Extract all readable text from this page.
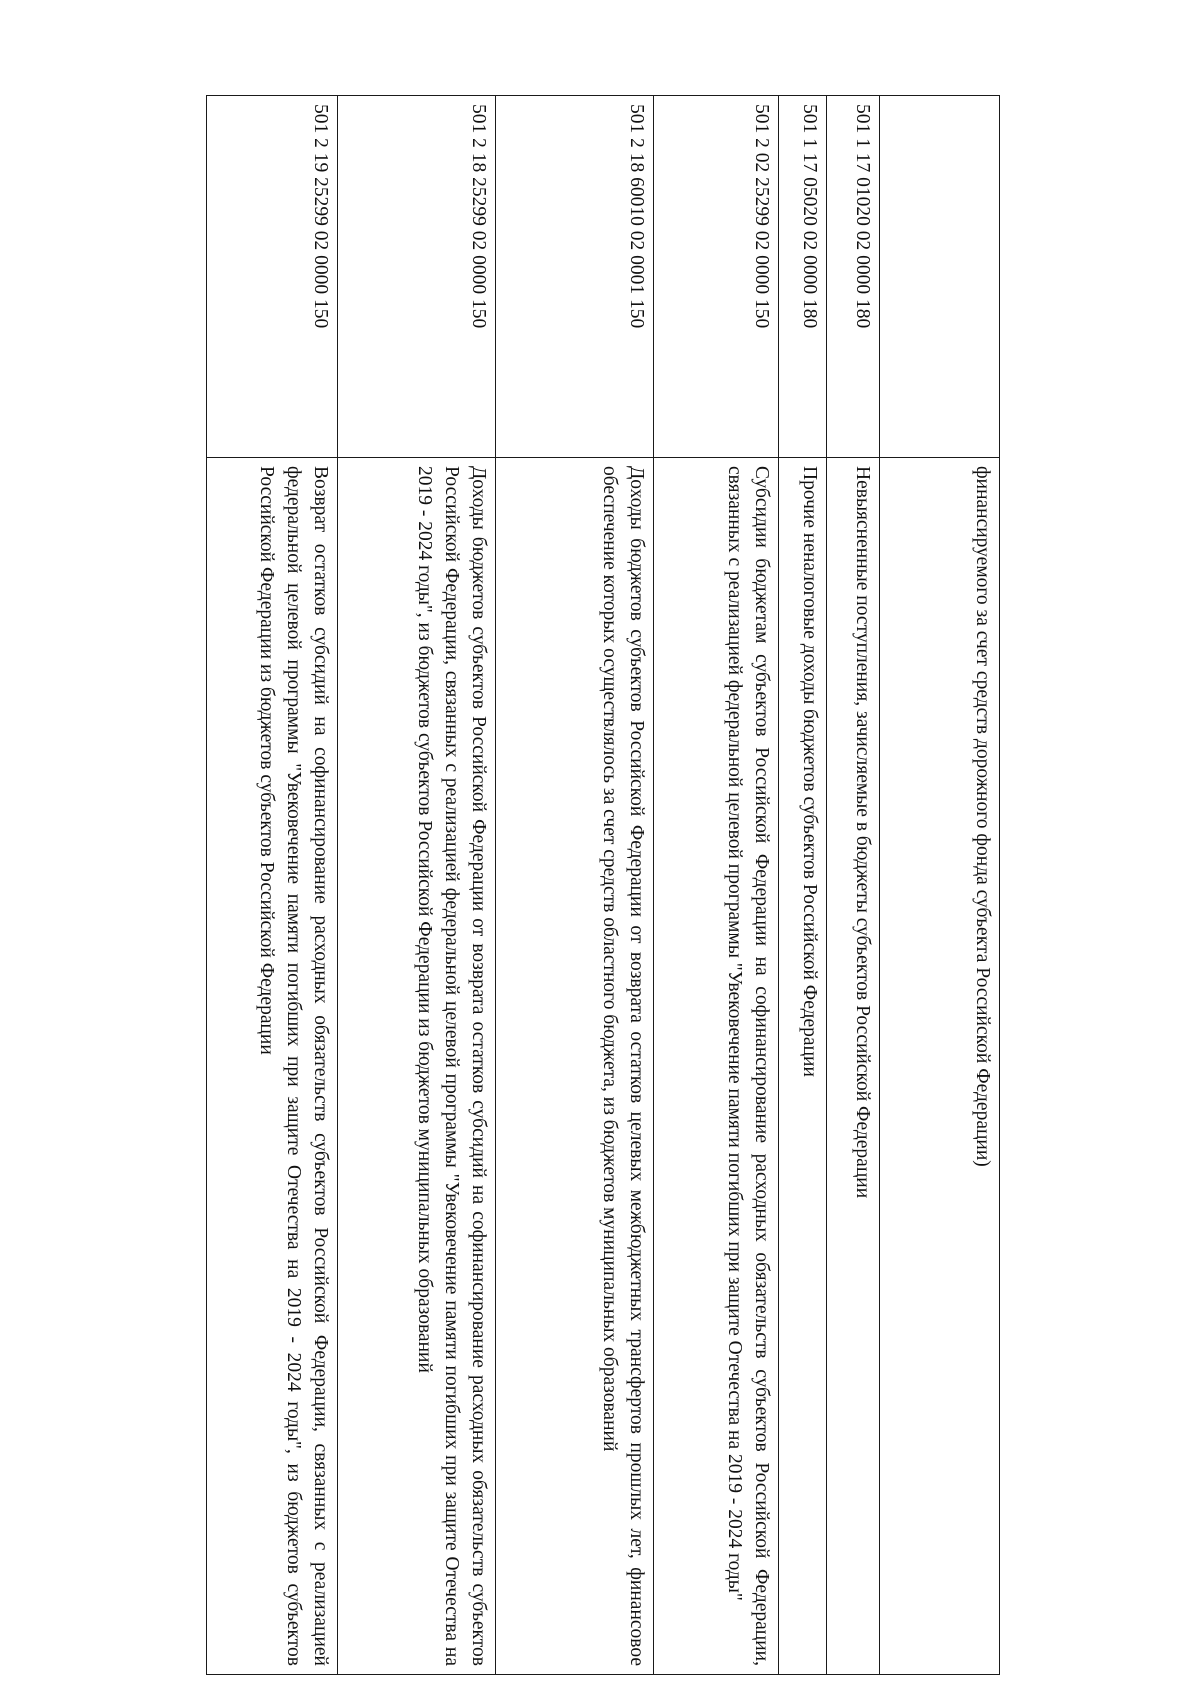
	финансируемого за счет средств дорожного фонда субъекта Российской Федерации)
501 1 17 01020 02 0000 180	Невыясненные поступления, зачисляемые в бюджеты субъектов Российской Федерации
501 1 17 05020 02 0000 180	Прочие неналоговые доходы бюджетов субъектов Российской Федерации
501 2 02 25299 02 0000 150	Субсидии бюджетам субъектов Российской Федерации на софинансирование расходных обязательств субъектов Российской Федерации, связанных с реализацией федеральной целевой программы "Увековечение памяти погибших при защите Отечества на 2019 - 2024 годы"
501 2 18 60010 02 0001 150	Доходы бюджетов субъектов Российской Федерации от возврата остатков целевых межбюджетных трансфертов прошлых лет, финансовое обеспечение которых осуществлялось за счет средств областного бюджета, из бюджетов муниципальных образований
501 2 18 25299 02 0000 150	Доходы бюджетов субъектов Российской Федерации от возврата остатков субсидий на софинансирование расходных обязательств субъектов Российской Федерации, связанных с реализацией федеральной целевой программы "Увековечение памяти погибших при защите Отечества на 2019 - 2024 годы", из бюджетов субъектов Российской Федерации из бюджетов муниципальных образований
501 2 19 25299 02 0000 150	Возврат остатков субсидий на софинансирование расходных обязательств субъектов Российской Федерации, связанных с реализацией федеральной целевой программы "Увековечение памяти погибших при защите Отечества на 2019 - 2024 годы", из бюджетов субъектов Российской Федерации из бюджетов субъектов Российской Федерации
